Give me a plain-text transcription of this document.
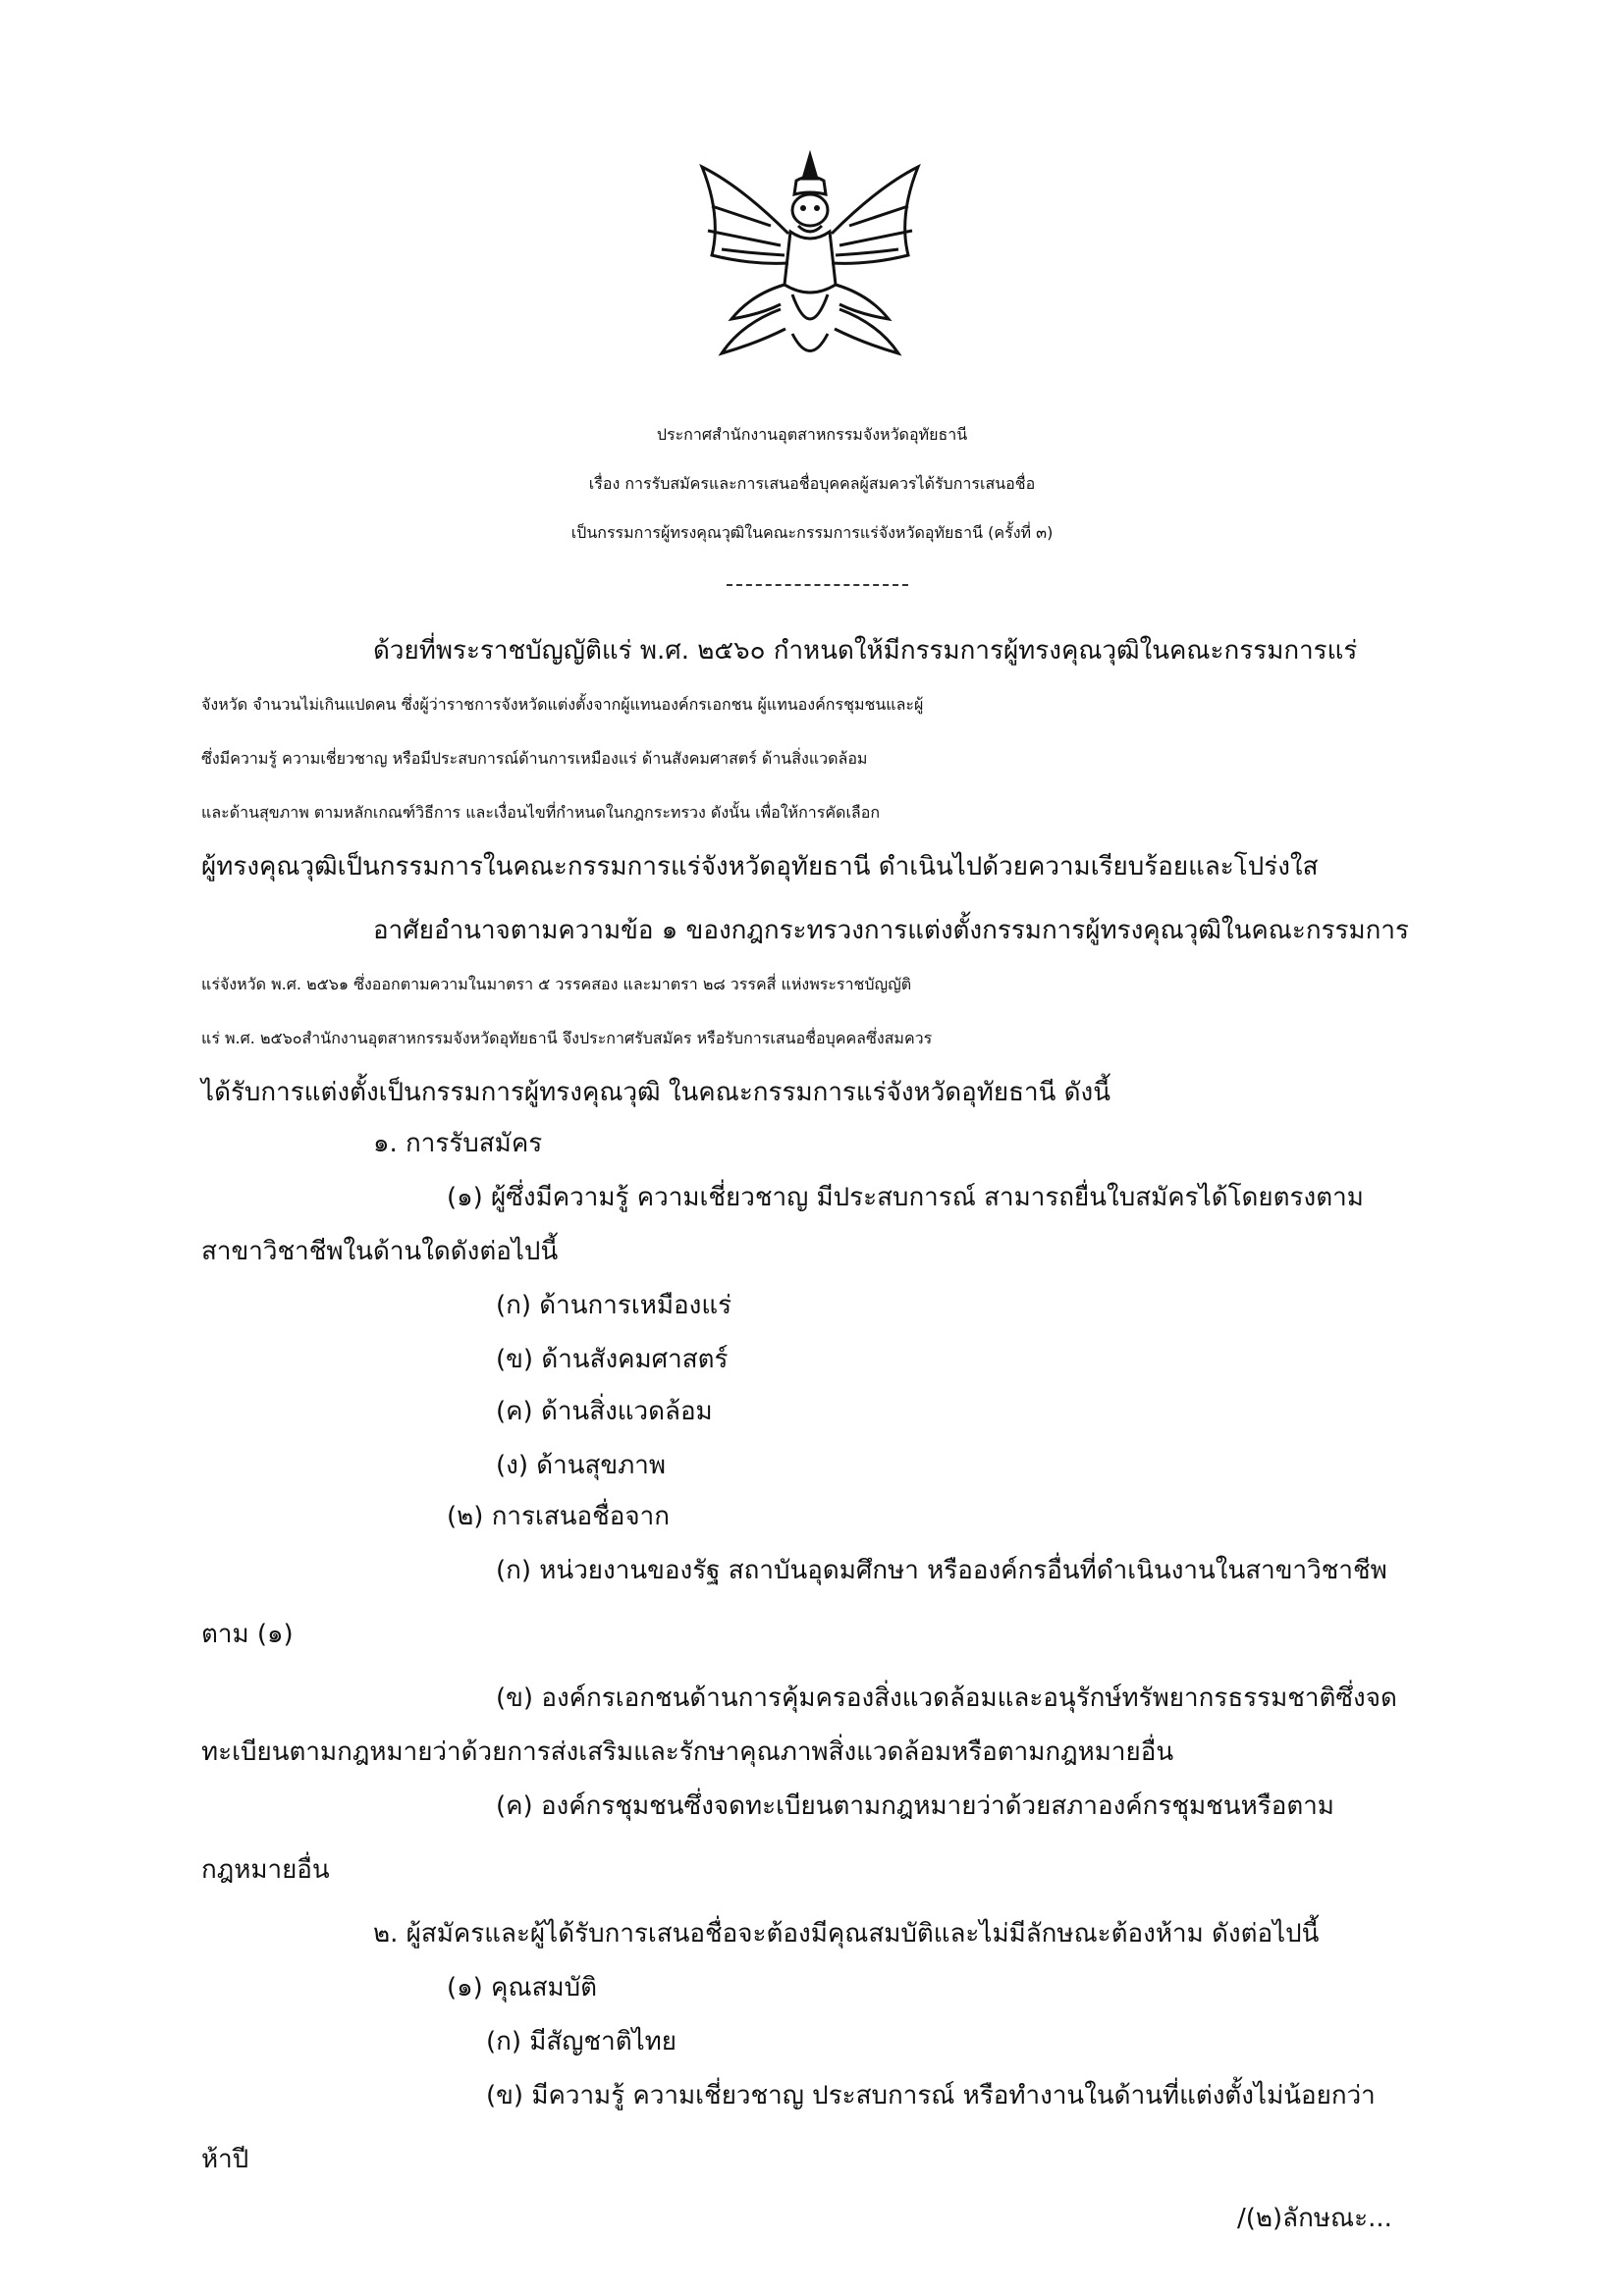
ประกาศสำนักงานอุตสาหกรรมจังหวัดอุทัยธานี
เรื่อง การรับสมัครและการเสนอชื่อบุคคลผู้สมควรได้รับการเสนอชื่อ
เป็นกรรมการผู้ทรงคุณวุฒิในคณะกรรมการแร่จังหวัดอุทัยธานี (ครั้งที่ ๓)
ด้วยที่พระราชบัญญัติแร่ พ.ศ. ๒๕๖๐ กำหนดให้มีกรรมการผู้ทรงคุณวุฒิในคณะกรรมการแร่
จังหวัด จำนวนไม่เกินแปดคน ซึ่งผู้ว่าราชการจังหวัดแต่งตั้งจากผู้แทนองค์กรเอกชน ผู้แทนองค์กรชุมชนและผู้
ซึ่งมีความรู้ ความเชี่ยวชาญ หรือมีประสบการณ์ด้านการเหมืองแร่ ด้านสังคมศาสตร์ ด้านสิ่งแวดล้อม
และด้านสุขภาพ ตามหลักเกณฑ์วิธีการ และเงื่อนไขที่กำหนดในกฎกระทรวง ดังนั้น เพื่อให้การคัดเลือก
ผู้ทรงคุณวุฒิเป็นกรรมการในคณะกรรมการแร่จังหวัดอุทัยธานี ดำเนินไปด้วยความเรียบร้อยและโปร่งใส
อาศัยอำนาจตามความข้อ ๑ ของกฎกระทรวงการแต่งตั้งกรรมการผู้ทรงคุณวุฒิในคณะกรรมการ
แร่จังหวัด พ.ศ. ๒๕๖๑ ซึ่งออกตามความในมาตรา ๕ วรรคสอง และมาตรา ๒๘ วรรคสี่ แห่งพระราชบัญญัติ
แร่ พ.ศ. ๒๕๖๐สำนักงานอุตสาหกรรมจังหวัดอุทัยธานี จึงประกาศรับสมัคร หรือรับการเสนอชื่อบุคคลซึ่งสมควร
ได้รับการแต่งตั้งเป็นกรรมการผู้ทรงคุณวุฒิ ในคณะกรรมการแร่จังหวัดอุทัยธานี ดังนี้
๑. การรับสมัคร
(๑) ผู้ซึ่งมีความรู้ ความเชี่ยวชาญ มีประสบการณ์ สามารถยื่นใบสมัครได้โดยตรงตาม
สาขาวิชาชีพในด้านใดดังต่อไปนี้
(ก) ด้านการเหมืองแร่
(ข) ด้านสังคมศาสตร์
(ค) ด้านสิ่งแวดล้อม
(ง) ด้านสุขภาพ
(๒) การเสนอชื่อจาก
(ก) หน่วยงานของรัฐ สถาบันอุดมศึกษา หรือองค์กรอื่นที่ดำเนินงานในสาขาวิชาชีพ
ตาม (๑)
(ข) องค์กรเอกชนด้านการคุ้มครองสิ่งแวดล้อมและอนุรักษ์ทรัพยากรธรรมชาติซึ่งจด
ทะเบียนตามกฎหมายว่าด้วยการส่งเสริมและรักษาคุณภาพสิ่งแวดล้อมหรือตามกฎหมายอื่น
(ค) องค์กรชุมชนซึ่งจดทะเบียนตามกฎหมายว่าด้วยสภาองค์กรชุมชนหรือตาม
กฎหมายอื่น
๒. ผู้สมัครและผู้ได้รับการเสนอชื่อจะต้องมีคุณสมบัติและไม่มีลักษณะต้องห้าม ดังต่อไปนี้
(๑) คุณสมบัติ
(ก) มีสัญชาติไทย
(ข) มีความรู้ ความเชี่ยวชาญ ประสบการณ์ หรือทำงานในด้านที่แต่งตั้งไม่น้อยกว่า
ห้าปี
/(๒)ลักษณะ...
